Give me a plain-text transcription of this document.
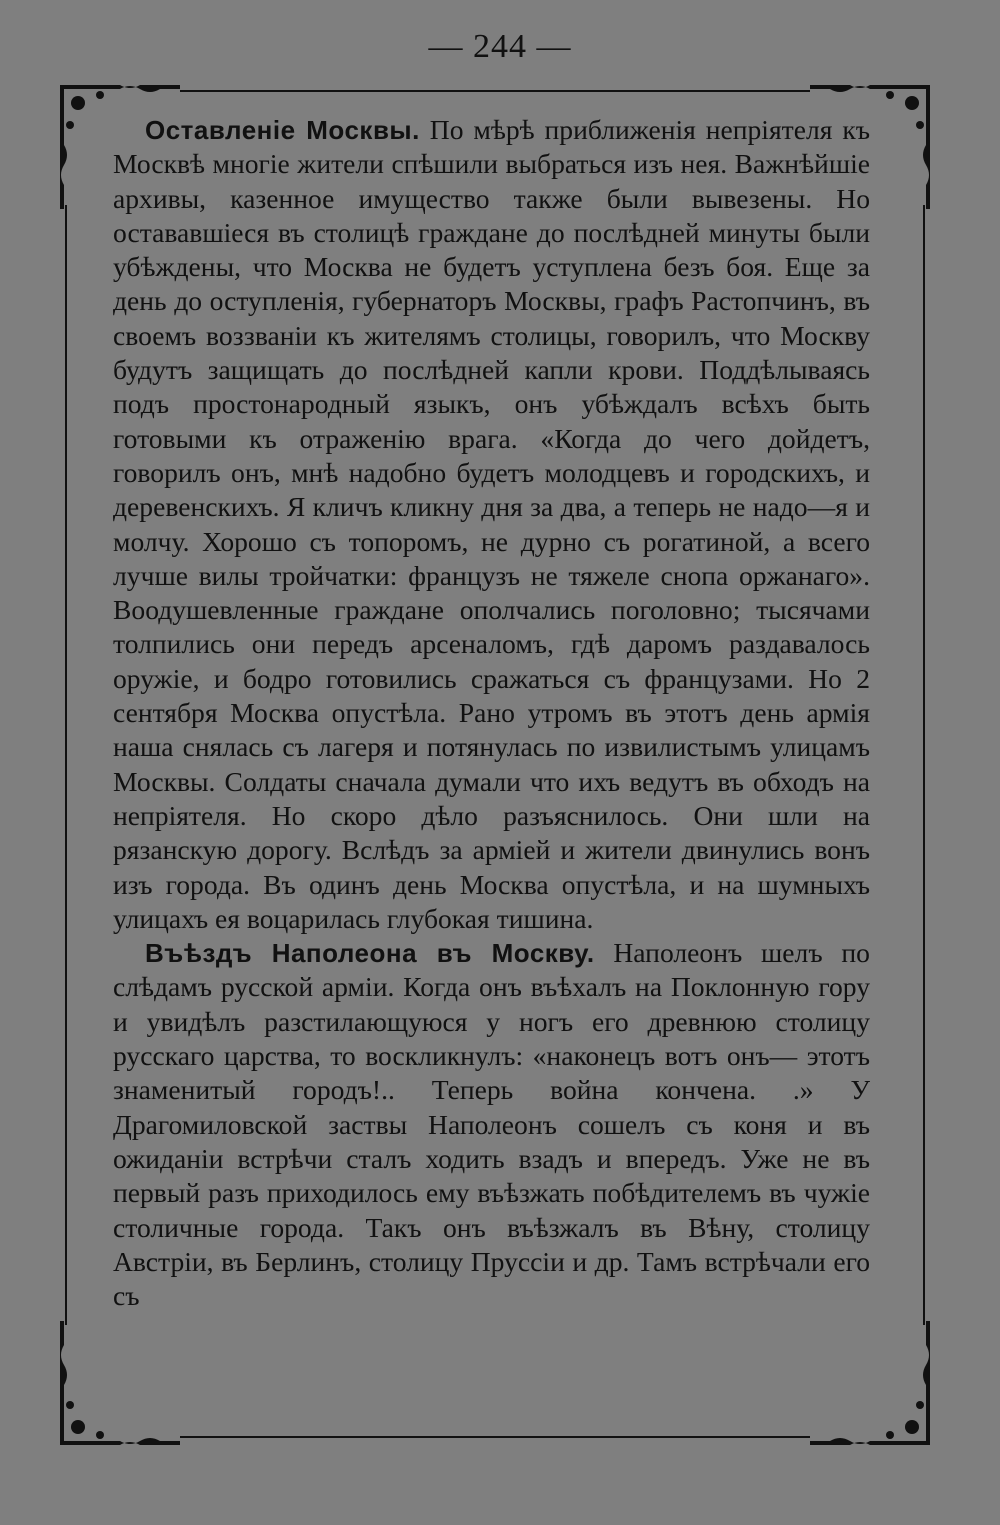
— 244 —

Оставленіе Москвы. По мѣрѣ приближенія непріятеля къ Москвѣ многіе жители спѣшили выбраться изъ нея. Важнѣйшіе архивы, казенное имущество также были вывезены. Но остававшіеся въ столицѣ граждане до послѣдней минуты были убѣждены, что Москва не будетъ уступлена безъ боя. Еще за день до оступленія, губернаторъ Москвы, графъ Растопчинъ, въ своемъ воззваніи къ жителямъ столицы, говорилъ, что Москву будутъ защищать до послѣдней капли крови. Поддѣлываясь подъ простонародный языкъ, онъ убѣждалъ всѣхъ быть готовыми къ отраженію врага. «Когда до чего дойдетъ, говорилъ онъ, мнѣ надобно будетъ молодцевъ и городскихъ, и деревенскихъ. Я кличъ кликну дня за два, а теперь не надо—я и молчу. Хорошо съ топоромъ, не дурно съ рогатиной, а всего лучше вилы тройчатки: французъ не тяжеле снопа оржанаго». Воодушевленные граждане ополчались поголовно; тысячами толпились они передъ арсеналомъ, гдѣ даромъ раздавалось оружіе, и бодро готовились сражаться съ французами. Но 2 сентября Москва опустѣла. Рано утромъ въ этотъ день армія наша снялась съ лагеря и потянулась по извилистымъ улицамъ Москвы. Солдаты сначала думали что ихъ ведутъ въ обходъ на непріятеля. Но скоро дѣло разъяснилось. Они шли на рязанскую дорогу. Вслѣдъ за арміей и жители двинулись вонъ изъ города. Въ одинъ день Москва опустѣла, и на шумныхъ улицахъ ея воцарилась глубокая тишина.

Въѣздъ Наполеона въ Москву. Наполеонъ шелъ по слѣдамъ русской арміи. Когда онъ въѣхалъ на Поклонную гору и увидѣлъ разстилающуюся у ногъ его древнюю столицу русскаго царства, то воскликнулъ: «наконецъ вотъ онъ— этотъ знаменитый городъ!.. Теперь война кончена. .» У Драгомиловской заствы Наполеонъ сошелъ съ коня и въ ожиданіи встрѣчи сталъ ходить взадъ и впередъ. Уже не въ первый разъ приходилось ему въѣзжать побѣдителемъ въ чужіе столичные города. Такъ онъ въѣзжалъ въ Вѣну, столицу Австріи, въ Берлинъ, столицу Пруссіи и др. Тамъ встрѣчали его съ
